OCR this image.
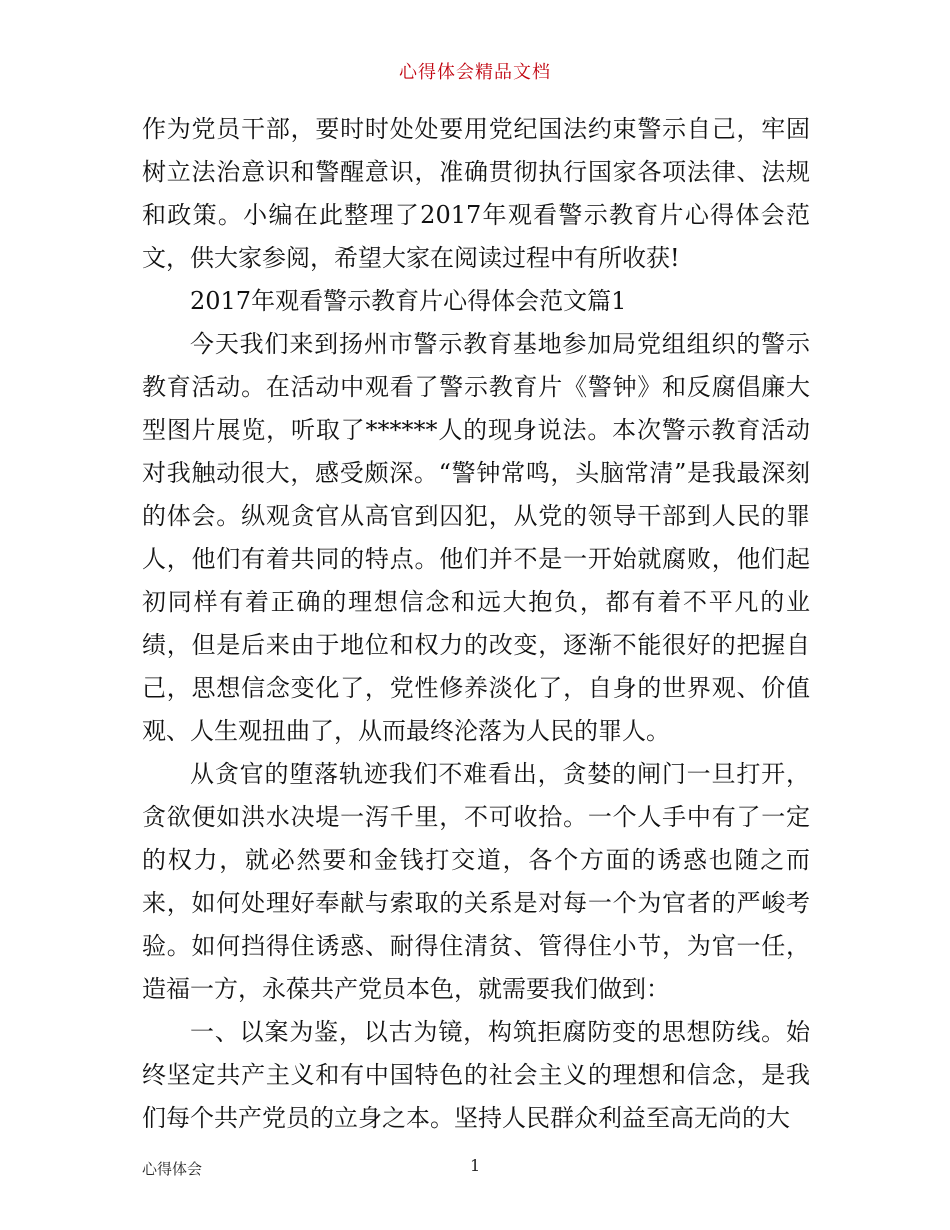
心得体会精品文档

作为党员干部，要时时处处要用党纪国法约束警示自己，牢固树立法治意识和警醒意识，准确贯彻执行国家各项法律、法规和政策。小编在此整理了2017年观看警示教育片心得体会范文，供大家参阅，希望大家在阅读过程中有所收获!

2017年观看警示教育片心得体会范文篇1

今天我们来到扬州市警示教育基地参加局党组组织的警示教育活动。在活动中观看了警示教育片《警钟》和反腐倡廉大型图片展览，听取了******人的现身说法。本次警示教育活动对我触动很大，感受颇深。“警钟常鸣，头脑常清”是我最深刻的体会。纵观贪官从高官到囚犯，从党的领导干部到人民的罪人，他们有着共同的特点。他们并不是一开始就腐败，他们起初同样有着正确的理想信念和远大抱负，都有着不平凡的业绩，但是后来由于地位和权力的改变，逐渐不能很好的把握自己，思想信念变化了，党性修养淡化了，自身的世界观、价值观、人生观扭曲了，从而最终沦落为人民的罪人。

从贪官的堕落轨迹我们不难看出，贪婪的闸门一旦打开，贪欲便如洪水决堤一泻千里，不可收拾。一个人手中有了一定的权力，就必然要和金钱打交道，各个方面的诱惑也随之而来，如何处理好奉献与索取的关系是对每一个为官者的严峻考验。如何挡得住诱惑、耐得住清贫、管得住小节，为官一任，造福一方，永葆共产党员本色，就需要我们做到：

一、以案为鉴，以古为镜，构筑拒腐防变的思想防线。始终坚定共产主义和有中国特色的社会主义的理想和信念，是我们每个共产党员的立身之本。坚持人民群众利益至高无尚的大

心得体会	1
